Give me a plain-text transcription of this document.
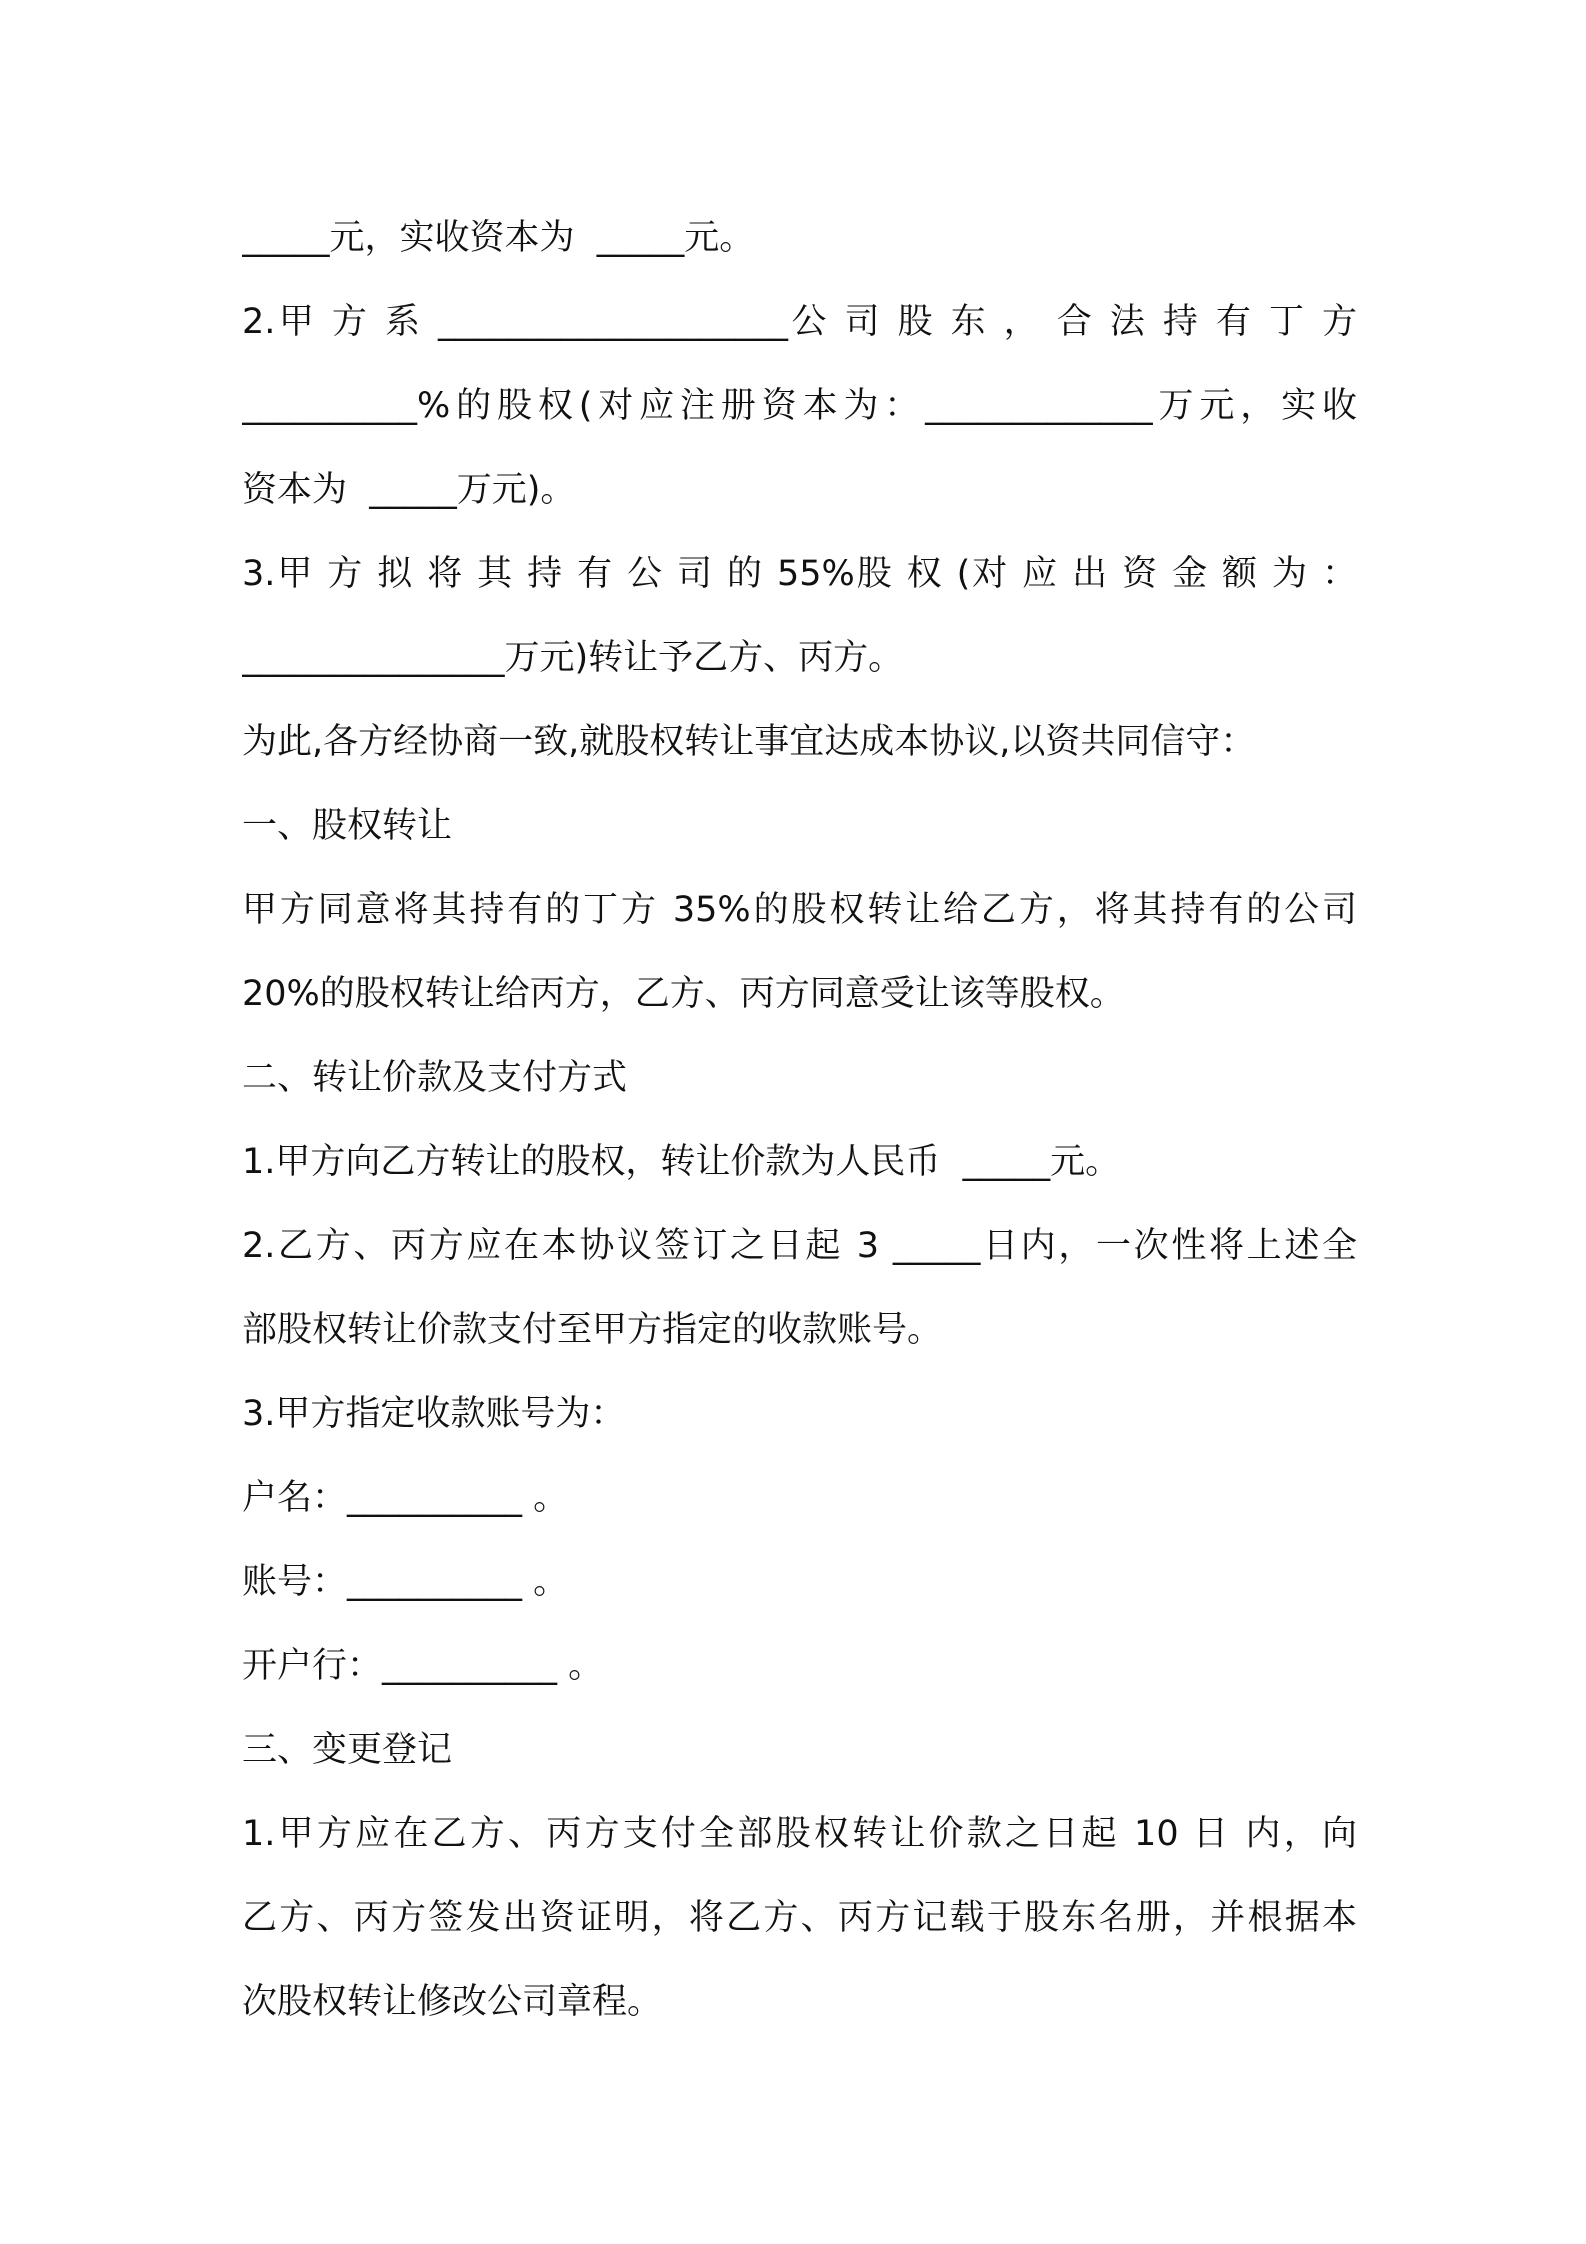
_____元，实收资本为  _____元。
2.甲 方 系 ____________________公 司 股 东 ， 合 法 持 有 丁 方
__________%的股权(对应注册资本为：_____________万元，实收
资本为  _____万元)。
3.甲 方 拟 将 其 持 有 公 司 的 55%股 权 (对 应 出 资 金 额 为 ：
_______________万元)转让予乙方、丙方。
为此,各方经协商一致,就股权转让事宜达成本协议,以资共同信守：
一、股权转让
甲方同意将其持有的丁方 35%的股权转让给乙方，将其持有的公司
20%的股权转让给丙方，乙方、丙方同意受让该等股权。
二、转让价款及支付方式
1.甲方向乙方转让的股权，转让价款为人民币  _____元。
2.乙方、丙方应在本协议签订之日起 3 _____日内，一次性将上述全
部股权转让价款支付至甲方指定的收款账号。
3.甲方指定收款账号为：
户名：__________ 。
账号：__________ 。
开户行：__________ 。
三、变更登记
1.甲方应在乙方、丙方支付全部股权转让价款之日起 10 日 内，向
乙方、丙方签发出资证明，将乙方、丙方记载于股东名册，并根据本
次股权转让修改公司章程。
